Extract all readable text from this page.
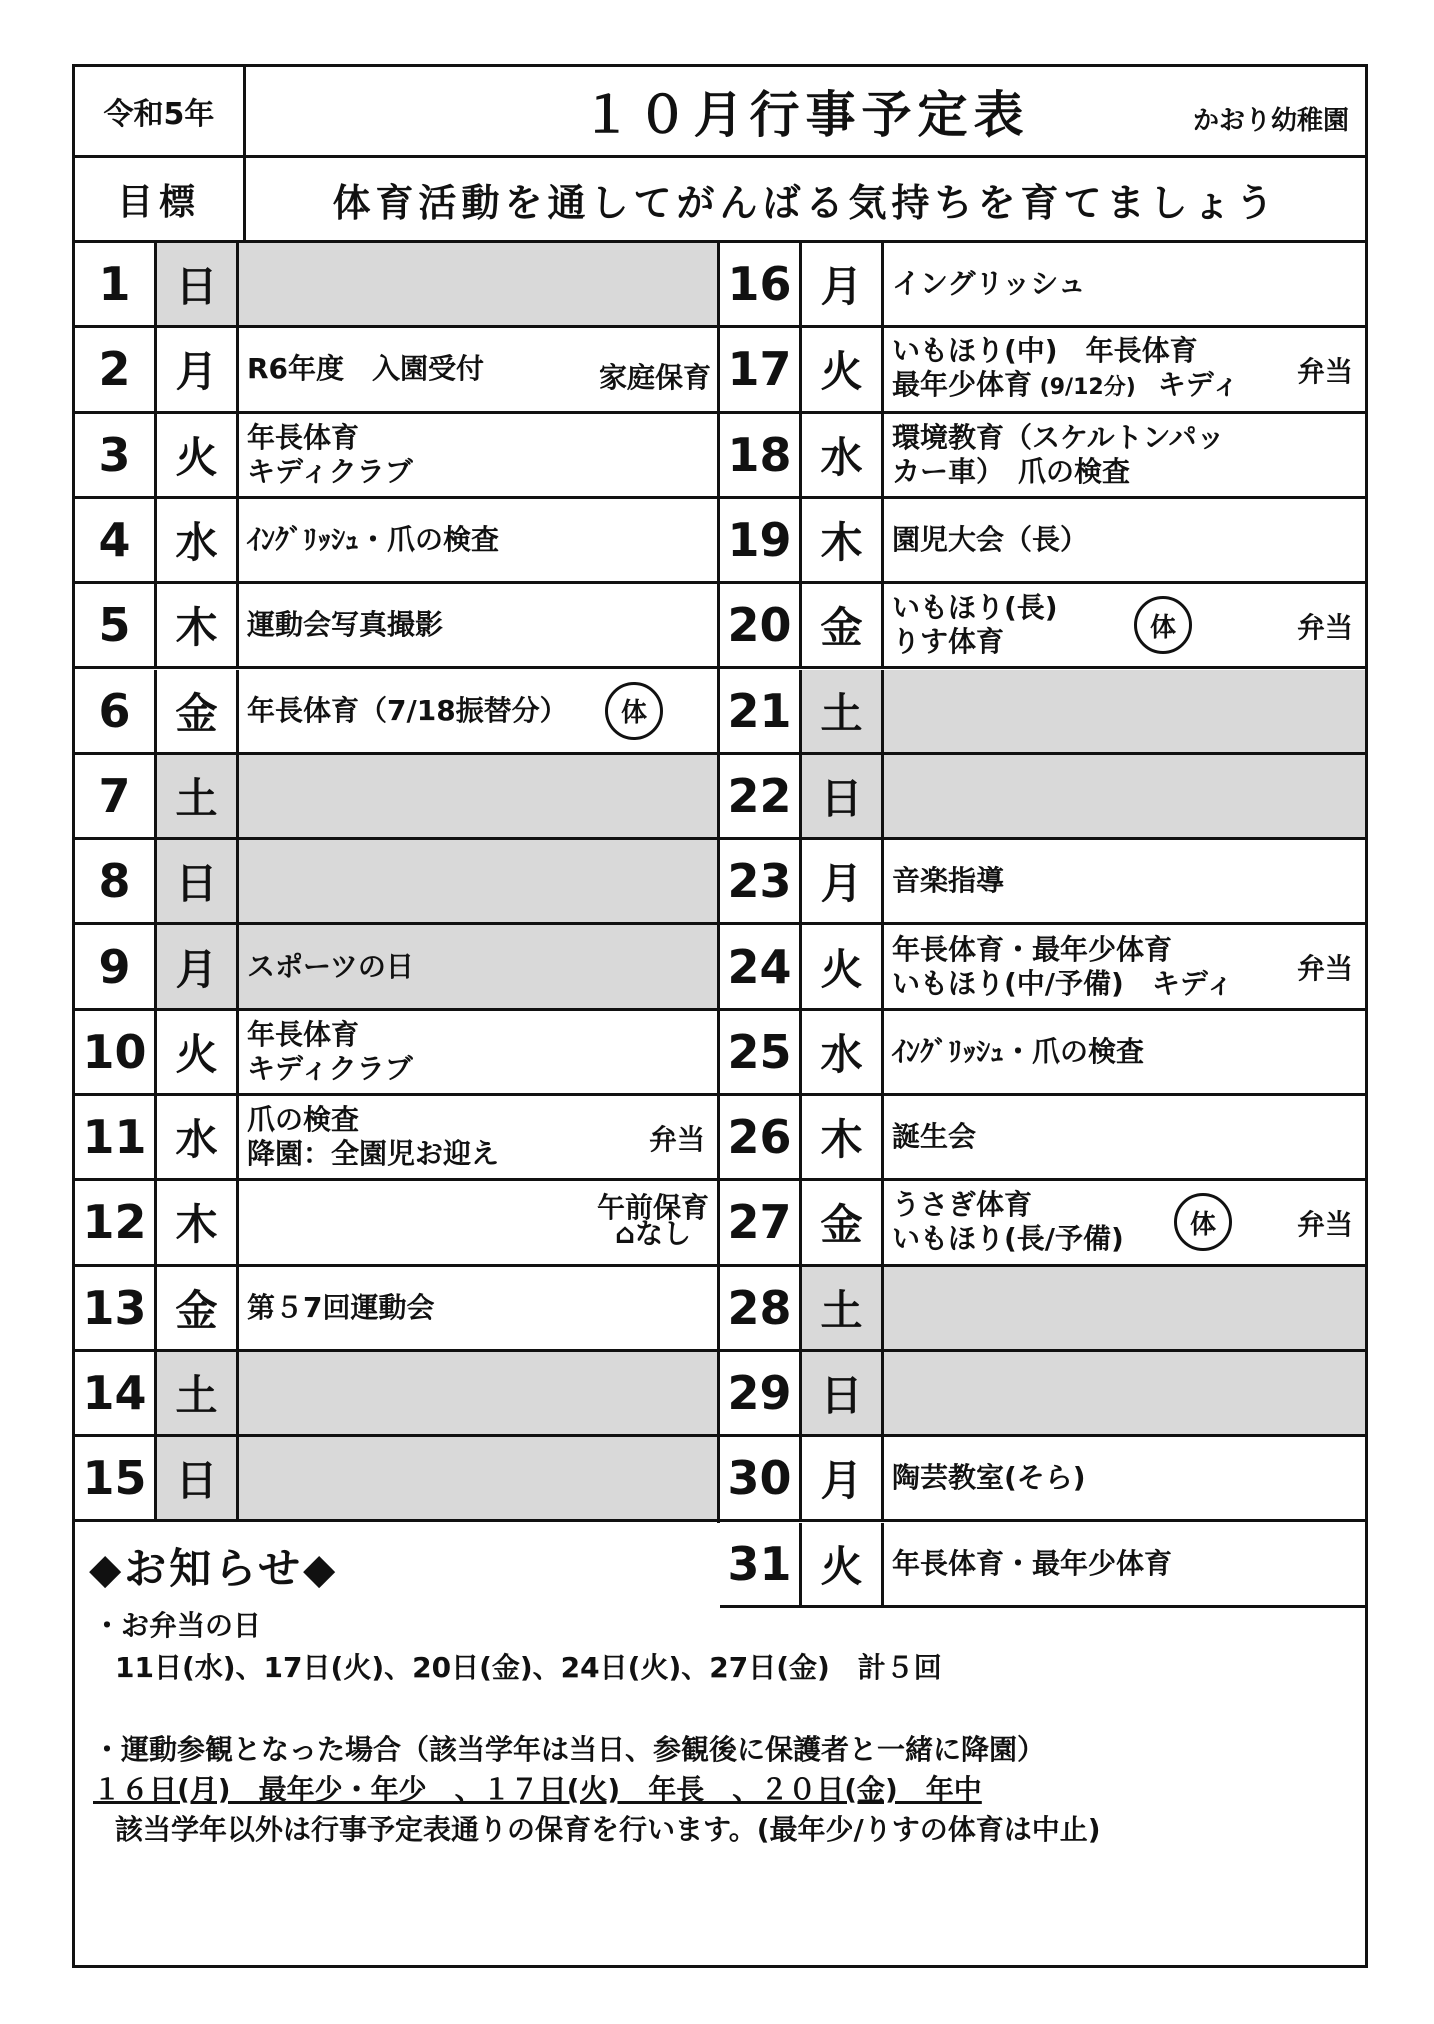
令和5年	１０月行事予定表	かおり幼稚園
目標	体育活動を通してがんばる気持ちを育てましょう
1	日
2	月	R6年度　入園受付	家庭保育
3	火	年長体育
キディクラブ
4	水	ｲﾝｸﾞﾘｯｼｭ・爪の検査
5	木	運動会写真撮影
6	金	年長体育（7/18振替分）	体
7	土
8	日
9	月	スポーツの日
10 火	年長体育
キディクラブ
11 水	爪の検査
降園：全園児お迎え	弁当
12 木	午前保育
⌂なし
13 金	第５7回運動会
14 土
15 日
16 月	イングリッシュ
17 火	いもほり(中)　年長体育
最年少体育 (9/12分)　キディ	弁当
18 水	環境教育（スケルトンパッ
カー車）　爪の検査
19 木	園児大会（長）
20 金	いもほり(長)
りす体育	弁当
体
21 土
22 日
23 月	音楽指導
24 火	年長体育・最年少体育
いもほり(中/予備)　キディ	弁当
25 水	ｲﾝｸﾞﾘｯｼｭ・爪の検査
26 木	誕生会
27 金	うさぎ体育
いもほり(長/予備)	弁当
体
28 土
29 日
30 月	陶芸教室(そら)
31 火	年長体育・最年少体育
◆お知らせ◆
・お弁当の日
11日(水)、17日(火)、20日(金)、24日(火)、27日(金)　計５回
・運動参観となった場合（該当学年は当日、参観後に保護者と一緒に降園）
１６日(月)　最年少・年少　、１７日(火)　年長　、２０日(金)　年中
該当学年以外は行事予定表通りの保育を行います。(最年少/りすの体育は中止)
